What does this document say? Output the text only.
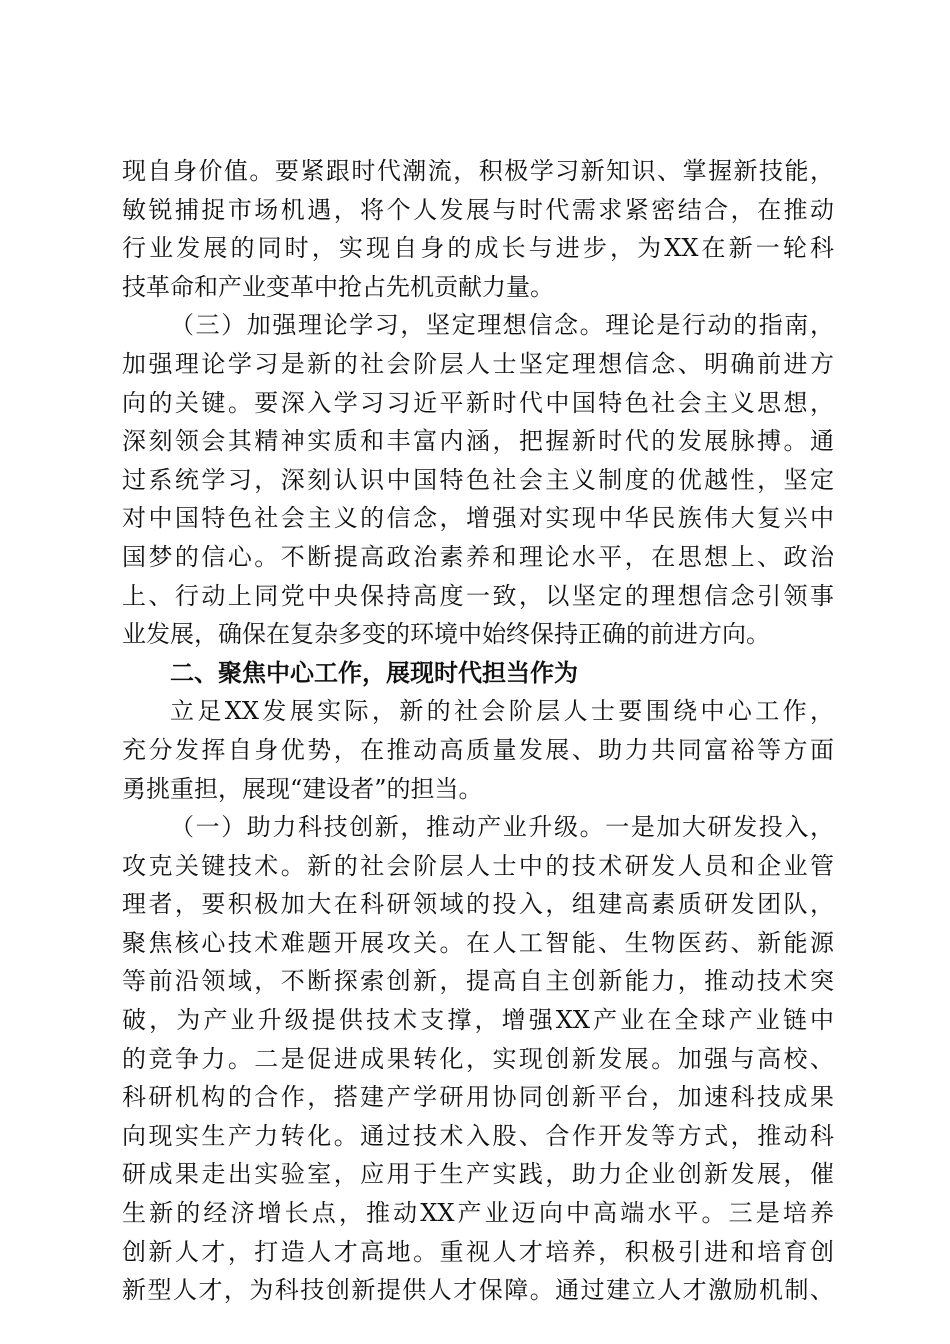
现自身价值。要紧跟时代潮流，积极学习新知识、掌握新技能，
敏锐捕捉市场机遇，将个人发展与时代需求紧密结合，在推动
行业发展的同时，实现自身的成长与进步，为XX在新一轮科
技革命和产业变革中抢占先机贡献力量。
（三）加强理论学习，坚定理想信念。理论是行动的指南，
加强理论学习是新的社会阶层人士坚定理想信念、明确前进方
向的关键。要深入学习习近平新时代中国特色社会主义思想，
深刻领会其精神实质和丰富内涵，把握新时代的发展脉搏。通
过系统学习，深刻认识中国特色社会主义制度的优越性，坚定
对中国特色社会主义的信念，增强对实现中华民族伟大复兴中
国梦的信心。不断提高政治素养和理论水平，在思想上、政治
上、行动上同党中央保持高度一致，以坚定的理想信念引领事
业发展，确保在复杂多变的环境中始终保持正确的前进方向。
二、聚焦中心工作，展现时代担当作为
立足XX发展实际，新的社会阶层人士要围绕中心工作，
充分发挥自身优势，在推动高质量发展、助力共同富裕等方面
勇挑重担，展现“建设者”的担当。
（一）助力科技创新，推动产业升级。一是加大研发投入，
攻克关键技术。新的社会阶层人士中的技术研发人员和企业管
理者，要积极加大在科研领域的投入，组建高素质研发团队，
聚焦核心技术难题开展攻关。在人工智能、生物医药、新能源
等前沿领域，不断探索创新，提高自主创新能力，推动技术突
破，为产业升级提供技术支撑，增强XX产业在全球产业链中
的竞争力。二是促进成果转化，实现创新发展。加强与高校、
科研机构的合作，搭建产学研用协同创新平台，加速科技成果
向现实生产力转化。通过技术入股、合作开发等方式，推动科
研成果走出实验室，应用于生产实践，助力企业创新发展，催
生新的经济增长点，推动XX产业迈向中高端水平。三是培养
创新人才，打造人才高地。重视人才培养，积极引进和培育创
新型人才，为科技创新提供人才保障。通过建立人才激励机制、
